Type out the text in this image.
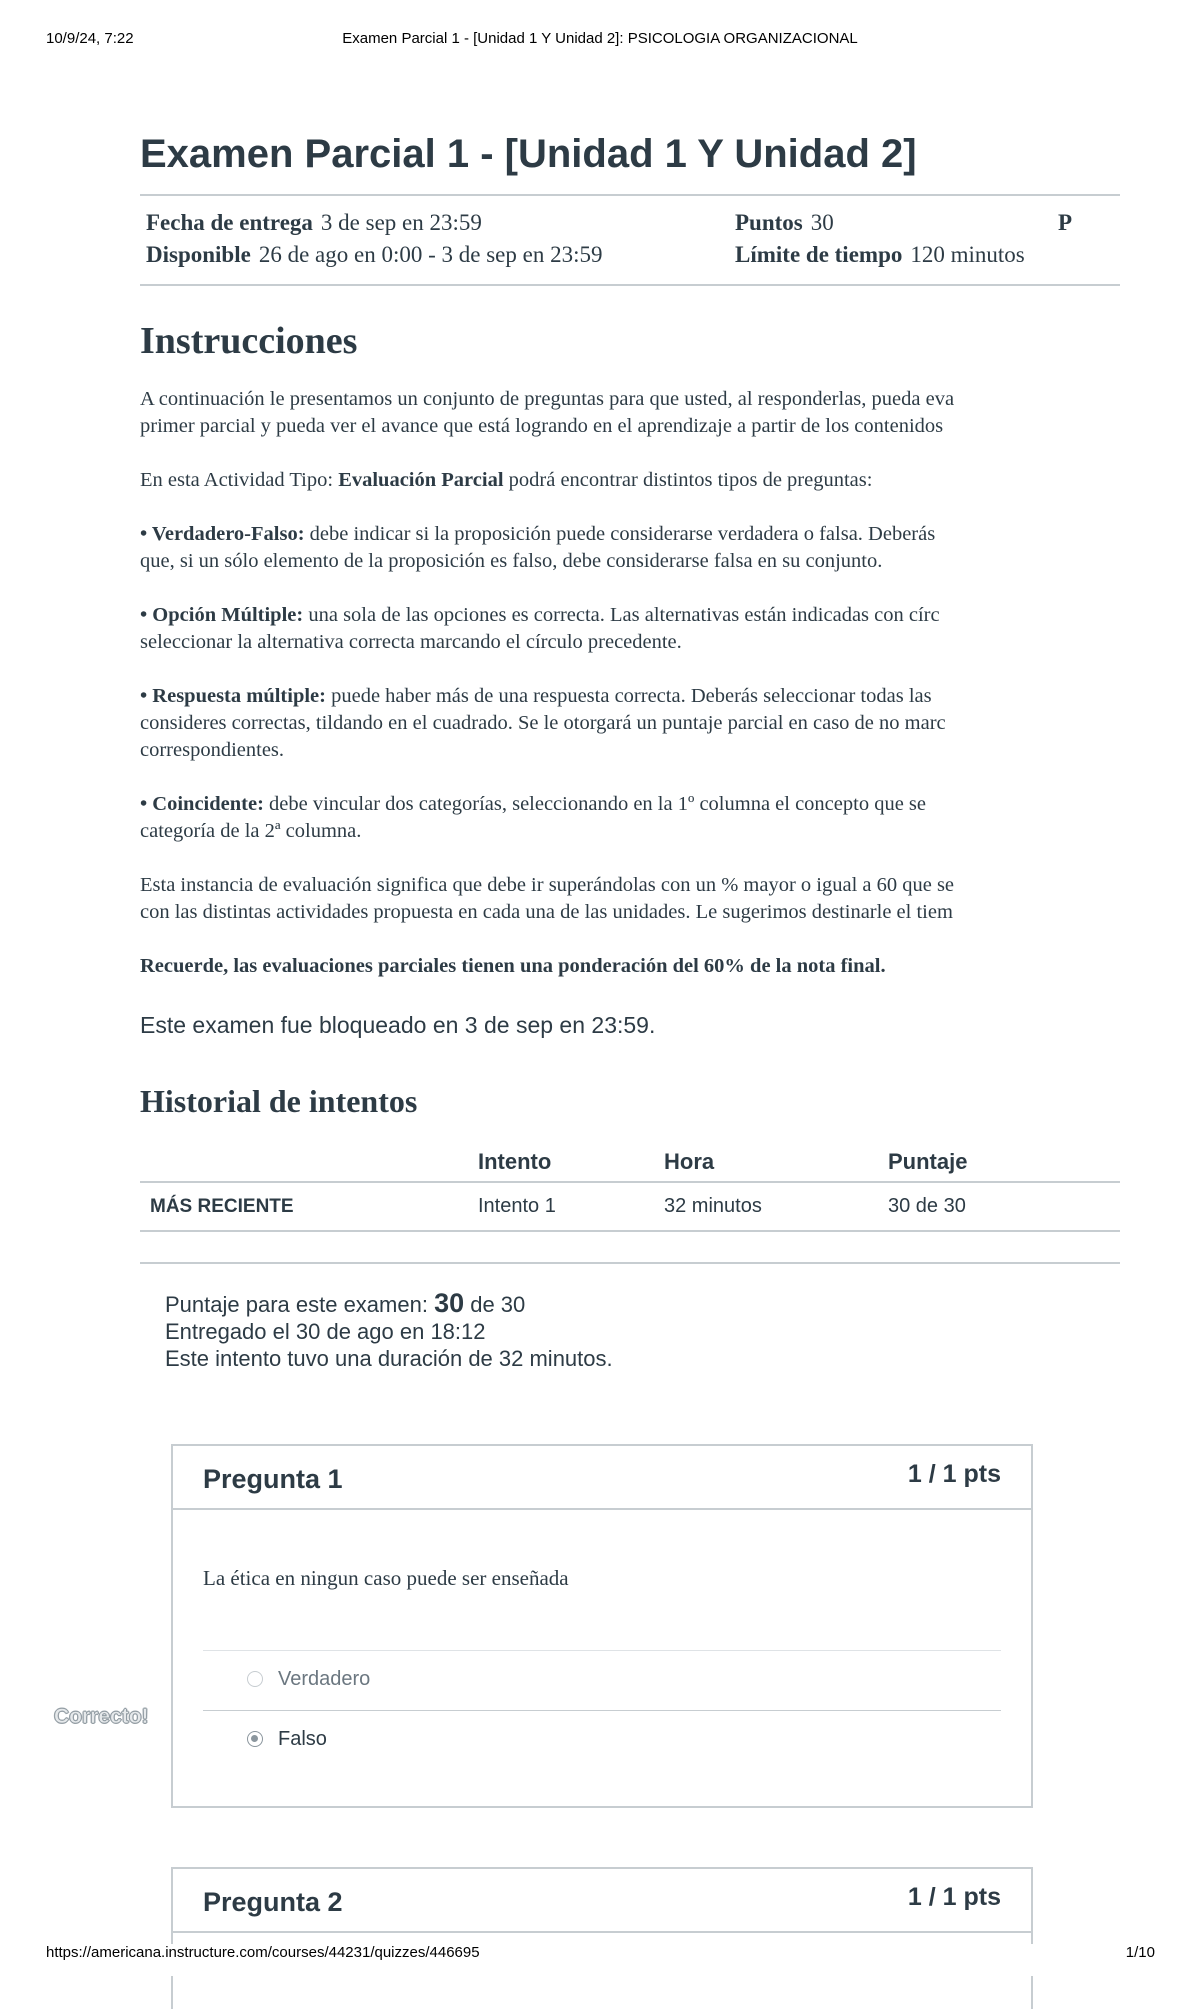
10/9/24, 7:22	Examen Parcial 1 - [Unidad 1 Y Unidad 2]: PSICOLOGIA ORGANIZACIONAL
Examen Parcial 1 - [Unidad 1 Y Unidad 2]
Fecha de entrega 3 de sep en 23:59	Puntos 30	P
Disponible 26 de ago en 0:00 - 3 de sep en 23:59	Límite de tiempo 120 minutos
Instrucciones

A continuación le presentamos un conjunto de preguntas para que usted, al responderlas, pueda eva
primer parcial y pueda ver el avance que está logrando en el aprendizaje a partir de los contenidos

En esta Actividad Tipo: Evaluación Parcial podrá encontrar distintos tipos de preguntas:

• Verdadero-Falso: debe indicar si la proposición puede considerarse verdadera o falsa. Deberás
que, si un sólo elemento de la proposición es falso, debe considerarse falsa en su conjunto.

• Opción Múltiple: una sola de las opciones es correcta. Las alternativas están indicadas con círc
seleccionar la alternativa correcta marcando el círculo precedente.

• Respuesta múltiple: puede haber más de una respuesta correcta. Deberás seleccionar todas las
consideres correctas, tildando en el cuadrado. Se le otorgará un puntaje parcial en caso de no marc
correspondientes.

• Coincidente: debe vincular dos categorías, seleccionando en la 1º columna el concepto que se
categoría de la 2ª columna.

Esta instancia de evaluación significa que debe ir superándolas con un % mayor o igual a 60 que se
con las distintas actividades propuesta en cada una de las unidades. Le sugerimos destinarle el tiem

Recuerde, las evaluaciones parciales tienen una ponderación del 60% de la nota final.

Este examen fue bloqueado en 3 de sep en 23:59.

Historial de intentos
	Intento	Hora	Puntaje
MÁS RECIENTE	Intento 1	32 minutos	30 de 30
Puntaje para este examen: 30 de 30
Entregado el 30 de ago en 18:12
Este intento tuvo una duración de 32 minutos.
Pregunta 1	1 / 1 pts
La ética en ningun caso puede ser enseñada
Verdadero
Falso
Correcto!
Pregunta 2	1 / 1 pts
https://americana.instructure.com/courses/44231/quizzes/446695	1/10
